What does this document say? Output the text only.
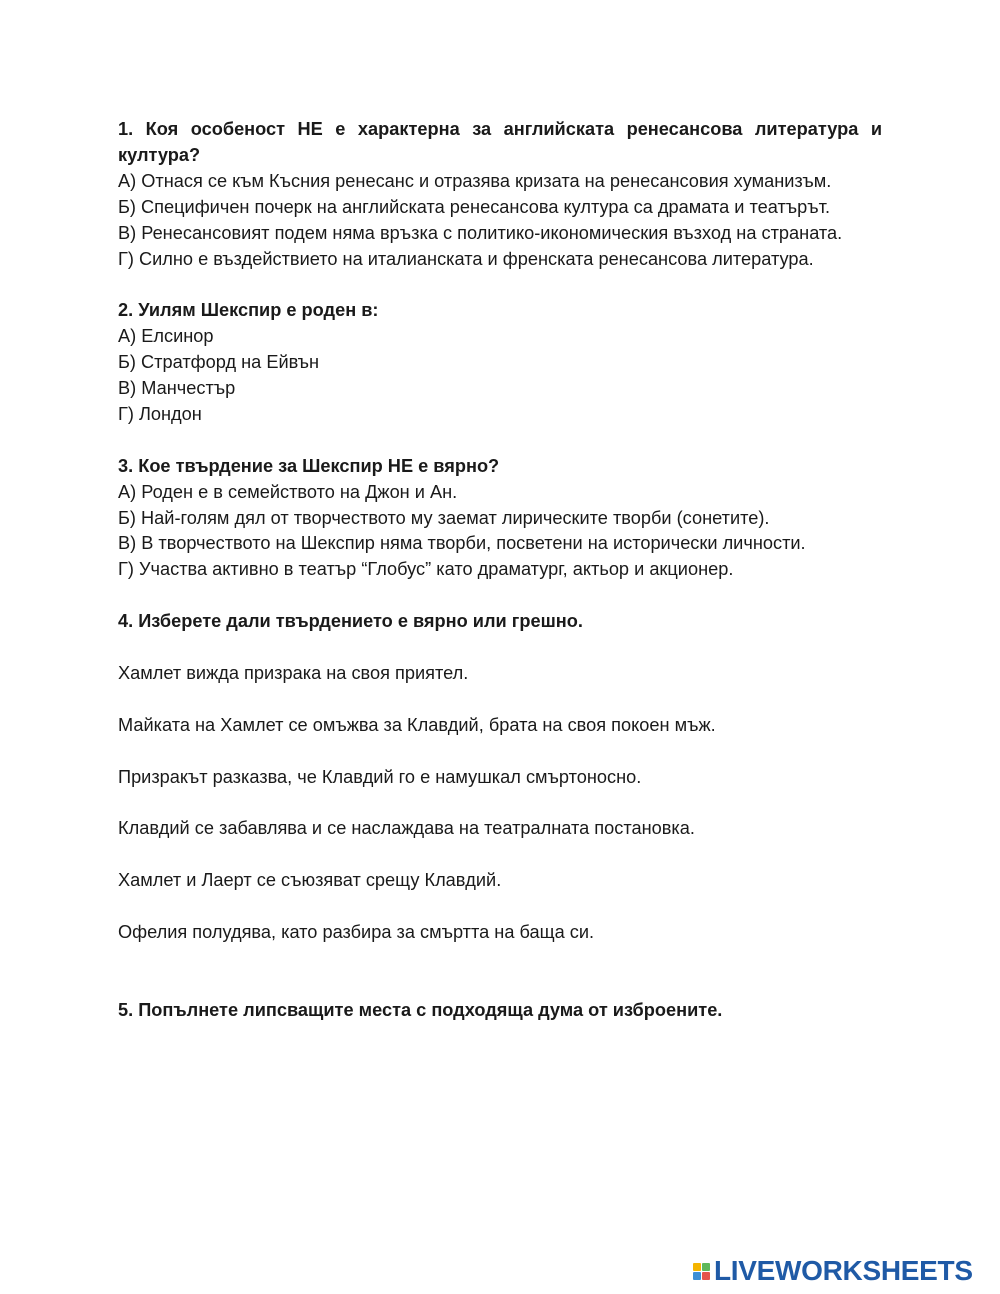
1. Коя особеност НЕ е характерна за английската ренесансова литература и култура?
А) Отнася се към Късния ренесанс и отразява кризата на ренесансовия хуманизъм.
Б) Специфичен почерк на английската ренесансова култура са драмата и театърът.
В) Ренесансовият подем няма връзка с политико-икономическия възход на страната.
Г) Силно е въздействието на италианската и френската ренесансова литература.
2. Уилям Шекспир е роден в:
А) Елсинор
Б) Стратфорд на Ейвън
В) Манчестър
Г) Лондон
3. Кое твърдение за Шекспир НЕ е вярно?
А) Роден е в семейството на Джон и Ан.
Б) Най-голям дял от творчеството му заемат лирическите творби (сонетите).
В) В творчеството на Шекспир няма творби, посветени на исторически личности.
Г) Участва активно в театър “Глобус” като драматург, актьор и акционер.
4. Изберете дали твърдението е вярно или грешно.
Хамлет вижда призрака на своя приятел.
Майката на Хамлет се омъжва за Клавдий, брата на своя покоен мъж.
Призракът разказва, че Клавдий го е намушкал смъртоносно.
Клавдий се забавлява и се наслаждава на театралната постановка.
Хамлет и Лаерт се съюзяват срещу Клавдий.
Офелия полудява, като разбира за смъртта на баща си.
5. Попълнете липсващите места с подходяща дума от изброените.
LIVEWORKSHEETS
